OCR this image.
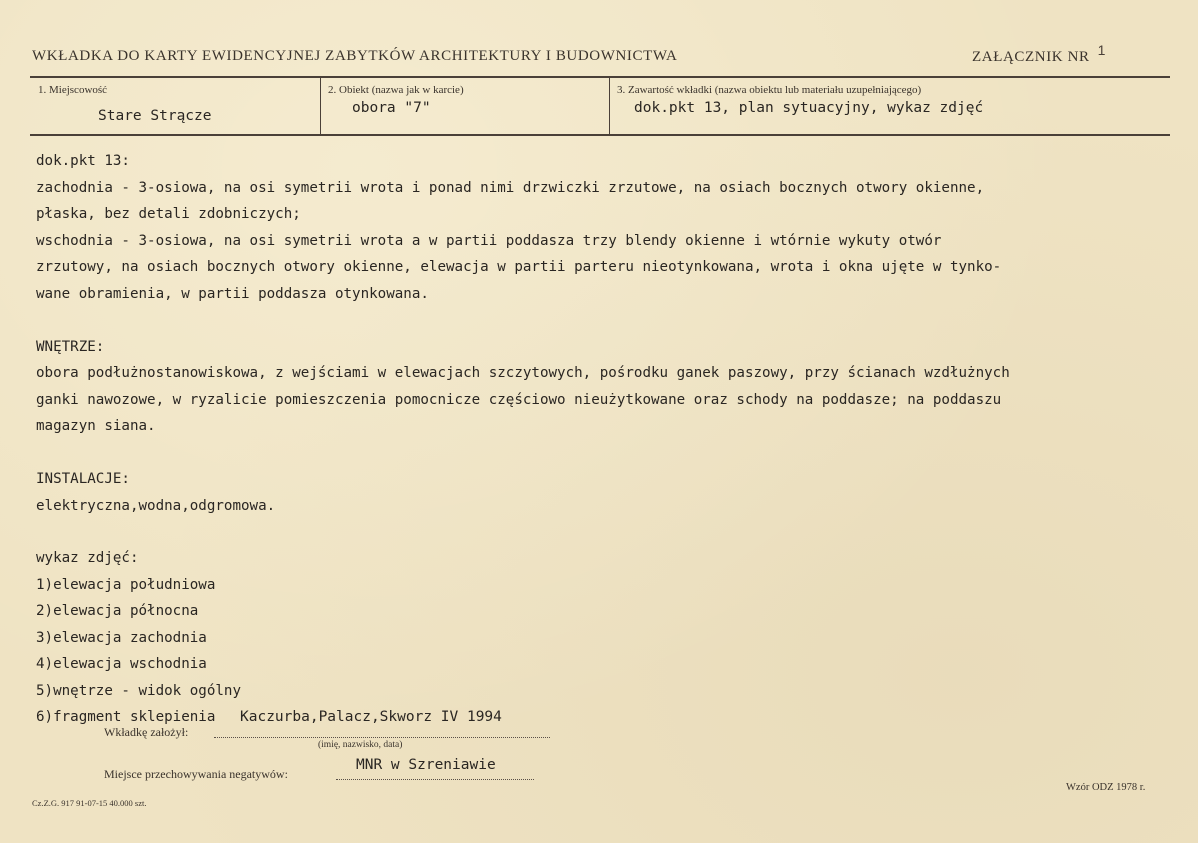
WKŁADKA DO KARTY EWIDENCYJNEJ ZABYTKÓW ARCHITEKTURY I BUDOWNICTWA	ZAŁĄCZNIK NR 1
1. Miejscowość
Stare Strącze
2. Obiekt (nazwa jak w karcie)
obora "7"
3. Zawartość wkładki (nazwa obiektu lub materiału uzupełniającego)
dok.pkt 13, plan sytuacyjny, wykaz zdjęć
dok.pkt 13:
zachodnia - 3-osiowa, na osi symetrii wrota i ponad nimi drzwiczki zrzutowe, na osiach bocznych otwory okienne,
płaska, bez detali zdobniczych;
wschodnia - 3-osiowa, na osi symetrii wrota a w partii poddasza trzy blendy okienne i wtórnie wykuty otwór
zrzutowy, na osiach bocznych otwory okienne, elewacja w partii parteru nieotynkowana, wrota i okna ujęte w tynko-
wane obramienia, w partii poddasza otynkowana.
WNĘTRZE:
obora podłużnostanowiskowa, z wejściami w elewacjach szczytowych, pośrodku ganek paszowy, przy ścianach wzdłużnych
ganki nawozowe, w ryzalicie pomieszczenia pomocnicze częściowo nieużytkowane oraz schody na poddasze; na poddaszu
magazyn siana.
INSTALACJE:
elektryczna,wodna,odgromowa.
wykaz zdjęć:
1)elewacja południowa
2)elewacja północna
3)elewacja zachodnia
4)elewacja wschodnia
5)wnętrze - widok ogólny
6)fragment sklepienia
Wkładkę założył:
Kaczurba,Palacz,Skworz IV 1994
(imię, nazwisko, data)
Miejsce przechowywania negatywów:
MNR w Szreniawie
Cz.Z.G. 917 91-07-15 40.000 szt.
Wzór ODZ 1978 r.
